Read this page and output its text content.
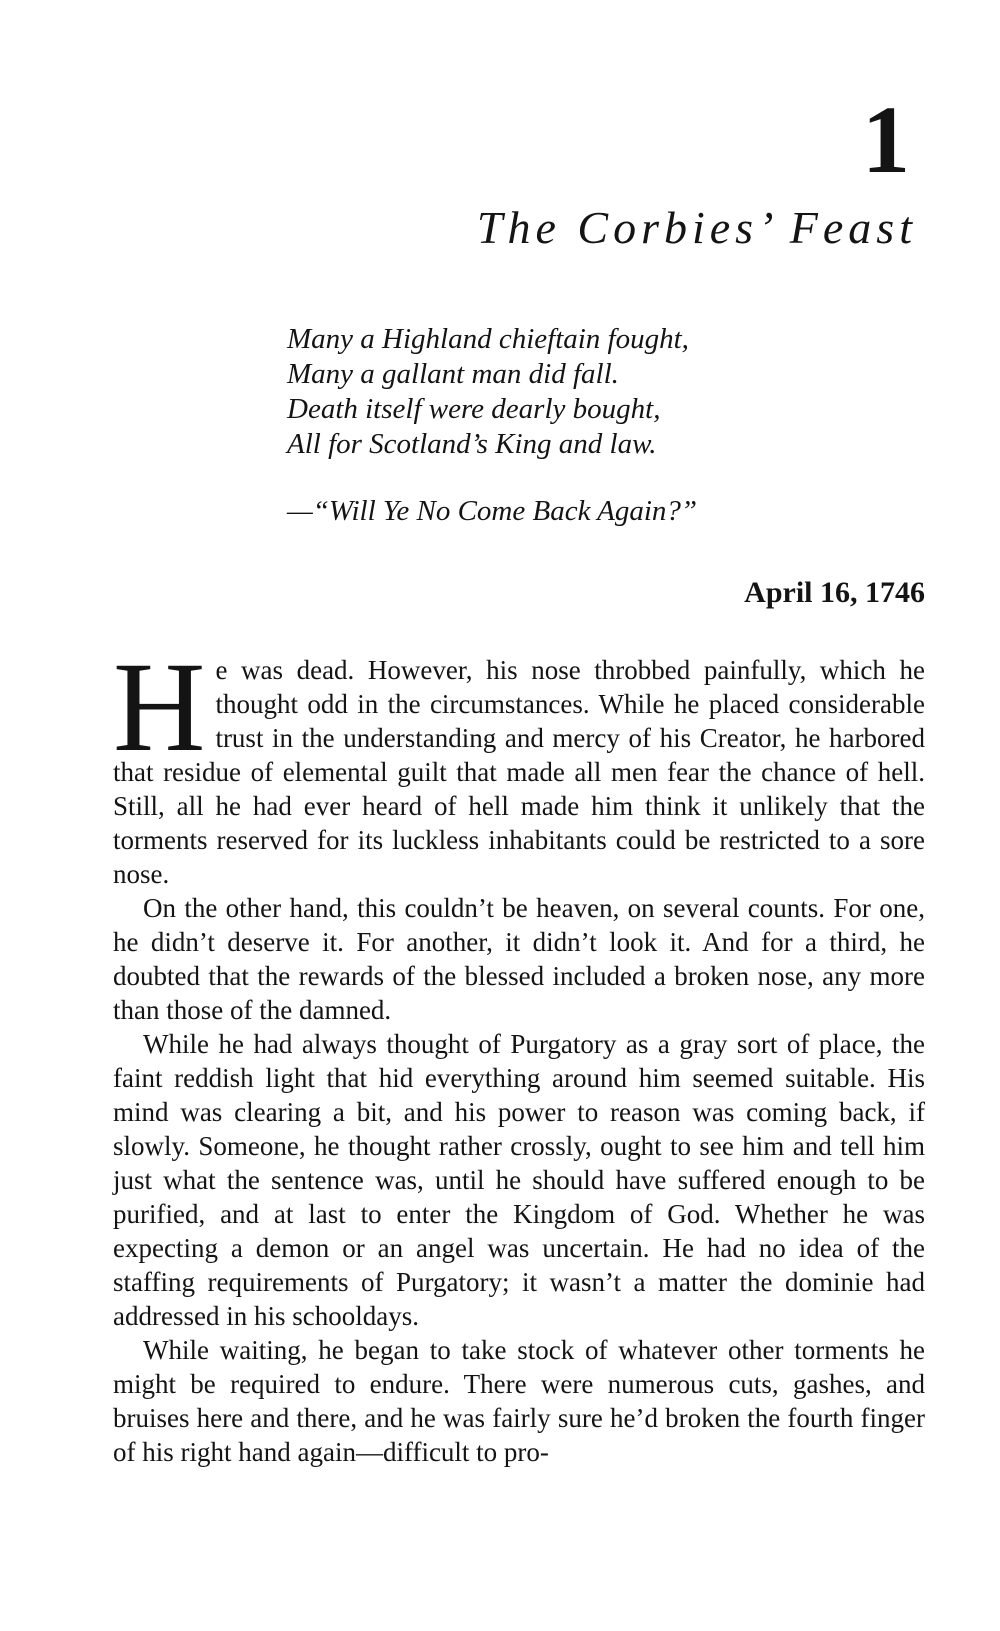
1
The Corbies’ Feast
Many a Highland chieftain fought,
Many a gallant man did fall.
Death itself were dearly bought,
All for Scotland’s King and law.
—“Will Ye No Come Back Again?”
April 16, 1746

He was dead. However, his nose throbbed painfully, which he thought odd in the circumstances. While he placed considerable trust in the understanding and mercy of his Creator, he harbored that residue of elemental guilt that made all men fear the chance of hell. Still, all he had ever heard of hell made him think it unlikely that the torments reserved for its luckless inhabitants could be restricted to a sore nose.

On the other hand, this couldn’t be heaven, on several counts. For one, he didn’t deserve it. For another, it didn’t look it. And for a third, he doubted that the rewards of the blessed included a broken nose, any more than those of the damned.

While he had always thought of Purgatory as a gray sort of place, the faint reddish light that hid everything around him seemed suitable. His mind was clearing a bit, and his power to reason was coming back, if slowly. Someone, he thought rather crossly, ought to see him and tell him just what the sentence was, until he should have suffered enough to be purified, and at last to enter the Kingdom of God. Whether he was expecting a demon or an angel was uncertain. He had no idea of the staffing requirements of Purgatory; it wasn’t a matter the dominie had addressed in his schooldays.

While waiting, he began to take stock of whatever other torments he might be required to endure. There were numerous cuts, gashes, and bruises here and there, and he was fairly sure he’d broken the fourth finger of his right hand again—difficult to pro-
